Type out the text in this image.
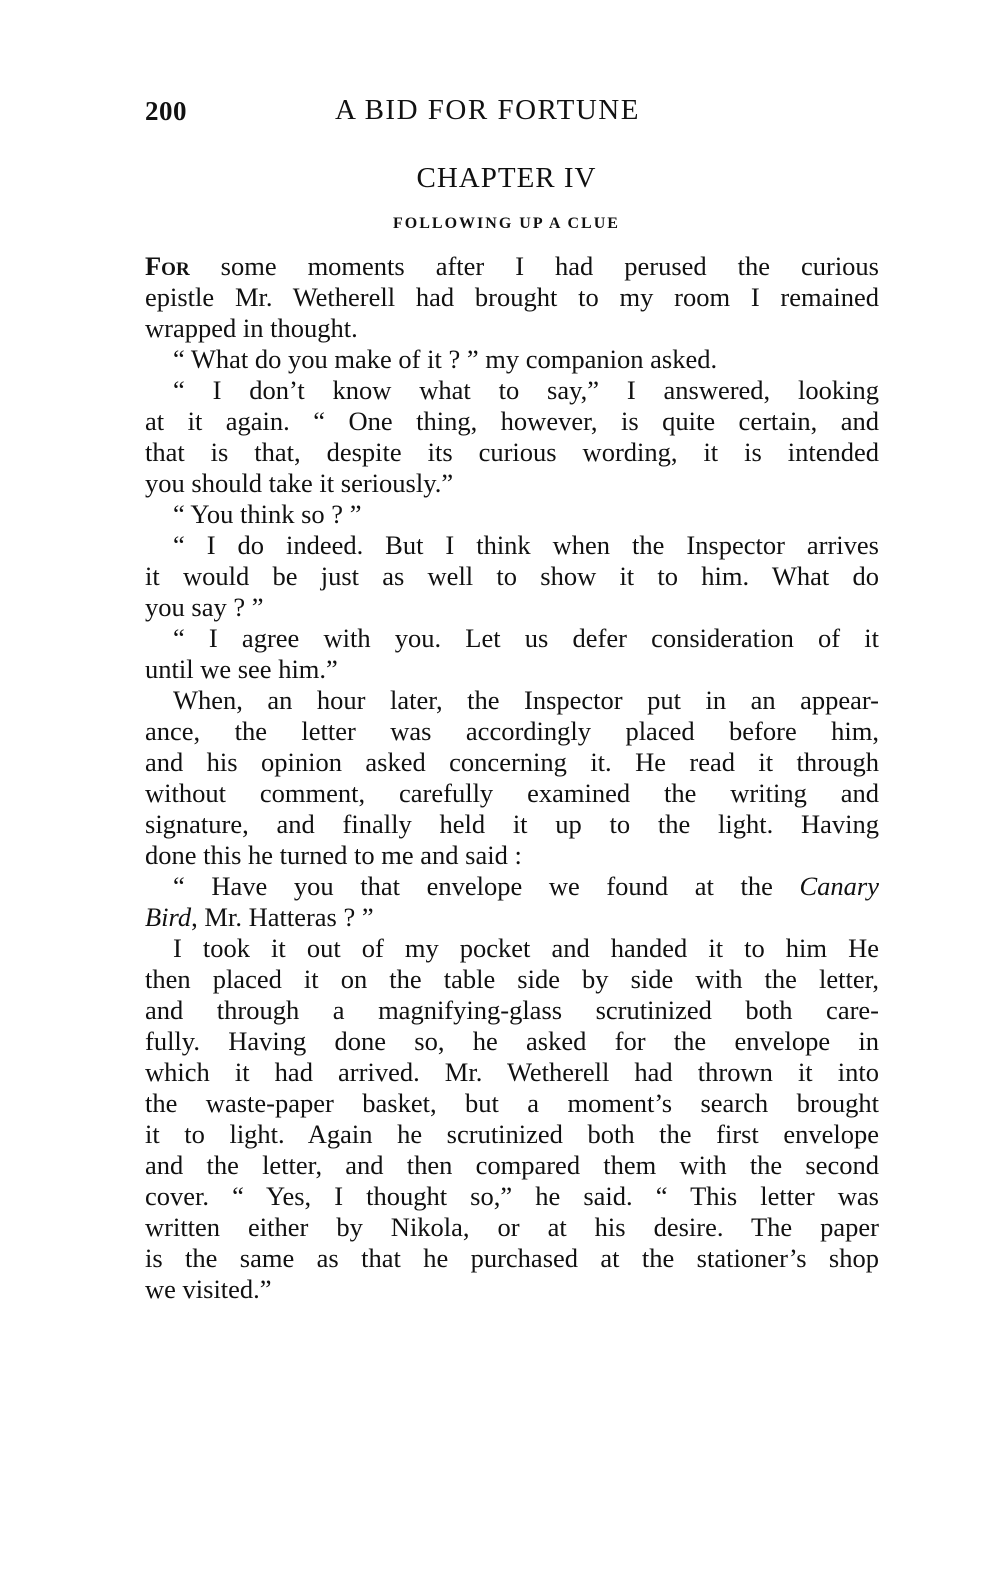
200	A BID FOR FORTUNE
CHAPTER IV
FOLLOWING UP A CLUE
For some moments after I had perused the curious
epistle Mr. Wetherell had brought to my room I remained
wrapped in thought.
“ What do you make of it ? ” my companion asked.
“ I don’t know what to say,” I answered, looking
at it again. “ One thing, however, is quite certain, and
that is that, despite its curious wording, it is intended
you should take it seriously.”
“ You think so ? ”
“ I do indeed. But I think when the Inspector arrives
it would be just as well to show it to him. What do
you say ? ”
“ I agree with you. Let us defer consideration of it
until we see him.”
When, an hour later, the Inspector put in an appear-
ance, the letter was accordingly placed before him,
and his opinion asked concerning it. He read it through
without comment, carefully examined the writing and
signature, and finally held it up to the light. Having
done this he turned to me and said :
“ Have you that envelope we found at the Canary
Bird, Mr. Hatteras ? ”
I took it out of my pocket and handed it to him He
then placed it on the table side by side with the letter,
and through a magnifying-glass scrutinized both care-
fully. Having done so, he asked for the envelope in
which it had arrived. Mr. Wetherell had thrown it into
the waste-paper basket, but a moment’s search brought
it to light. Again he scrutinized both the first envelope
and the letter, and then compared them with the second
cover. “ Yes, I thought so,” he said. “ This letter was
written either by Nikola, or at his desire. The paper
is the same as that he purchased at the stationer’s shop
we visited.”
